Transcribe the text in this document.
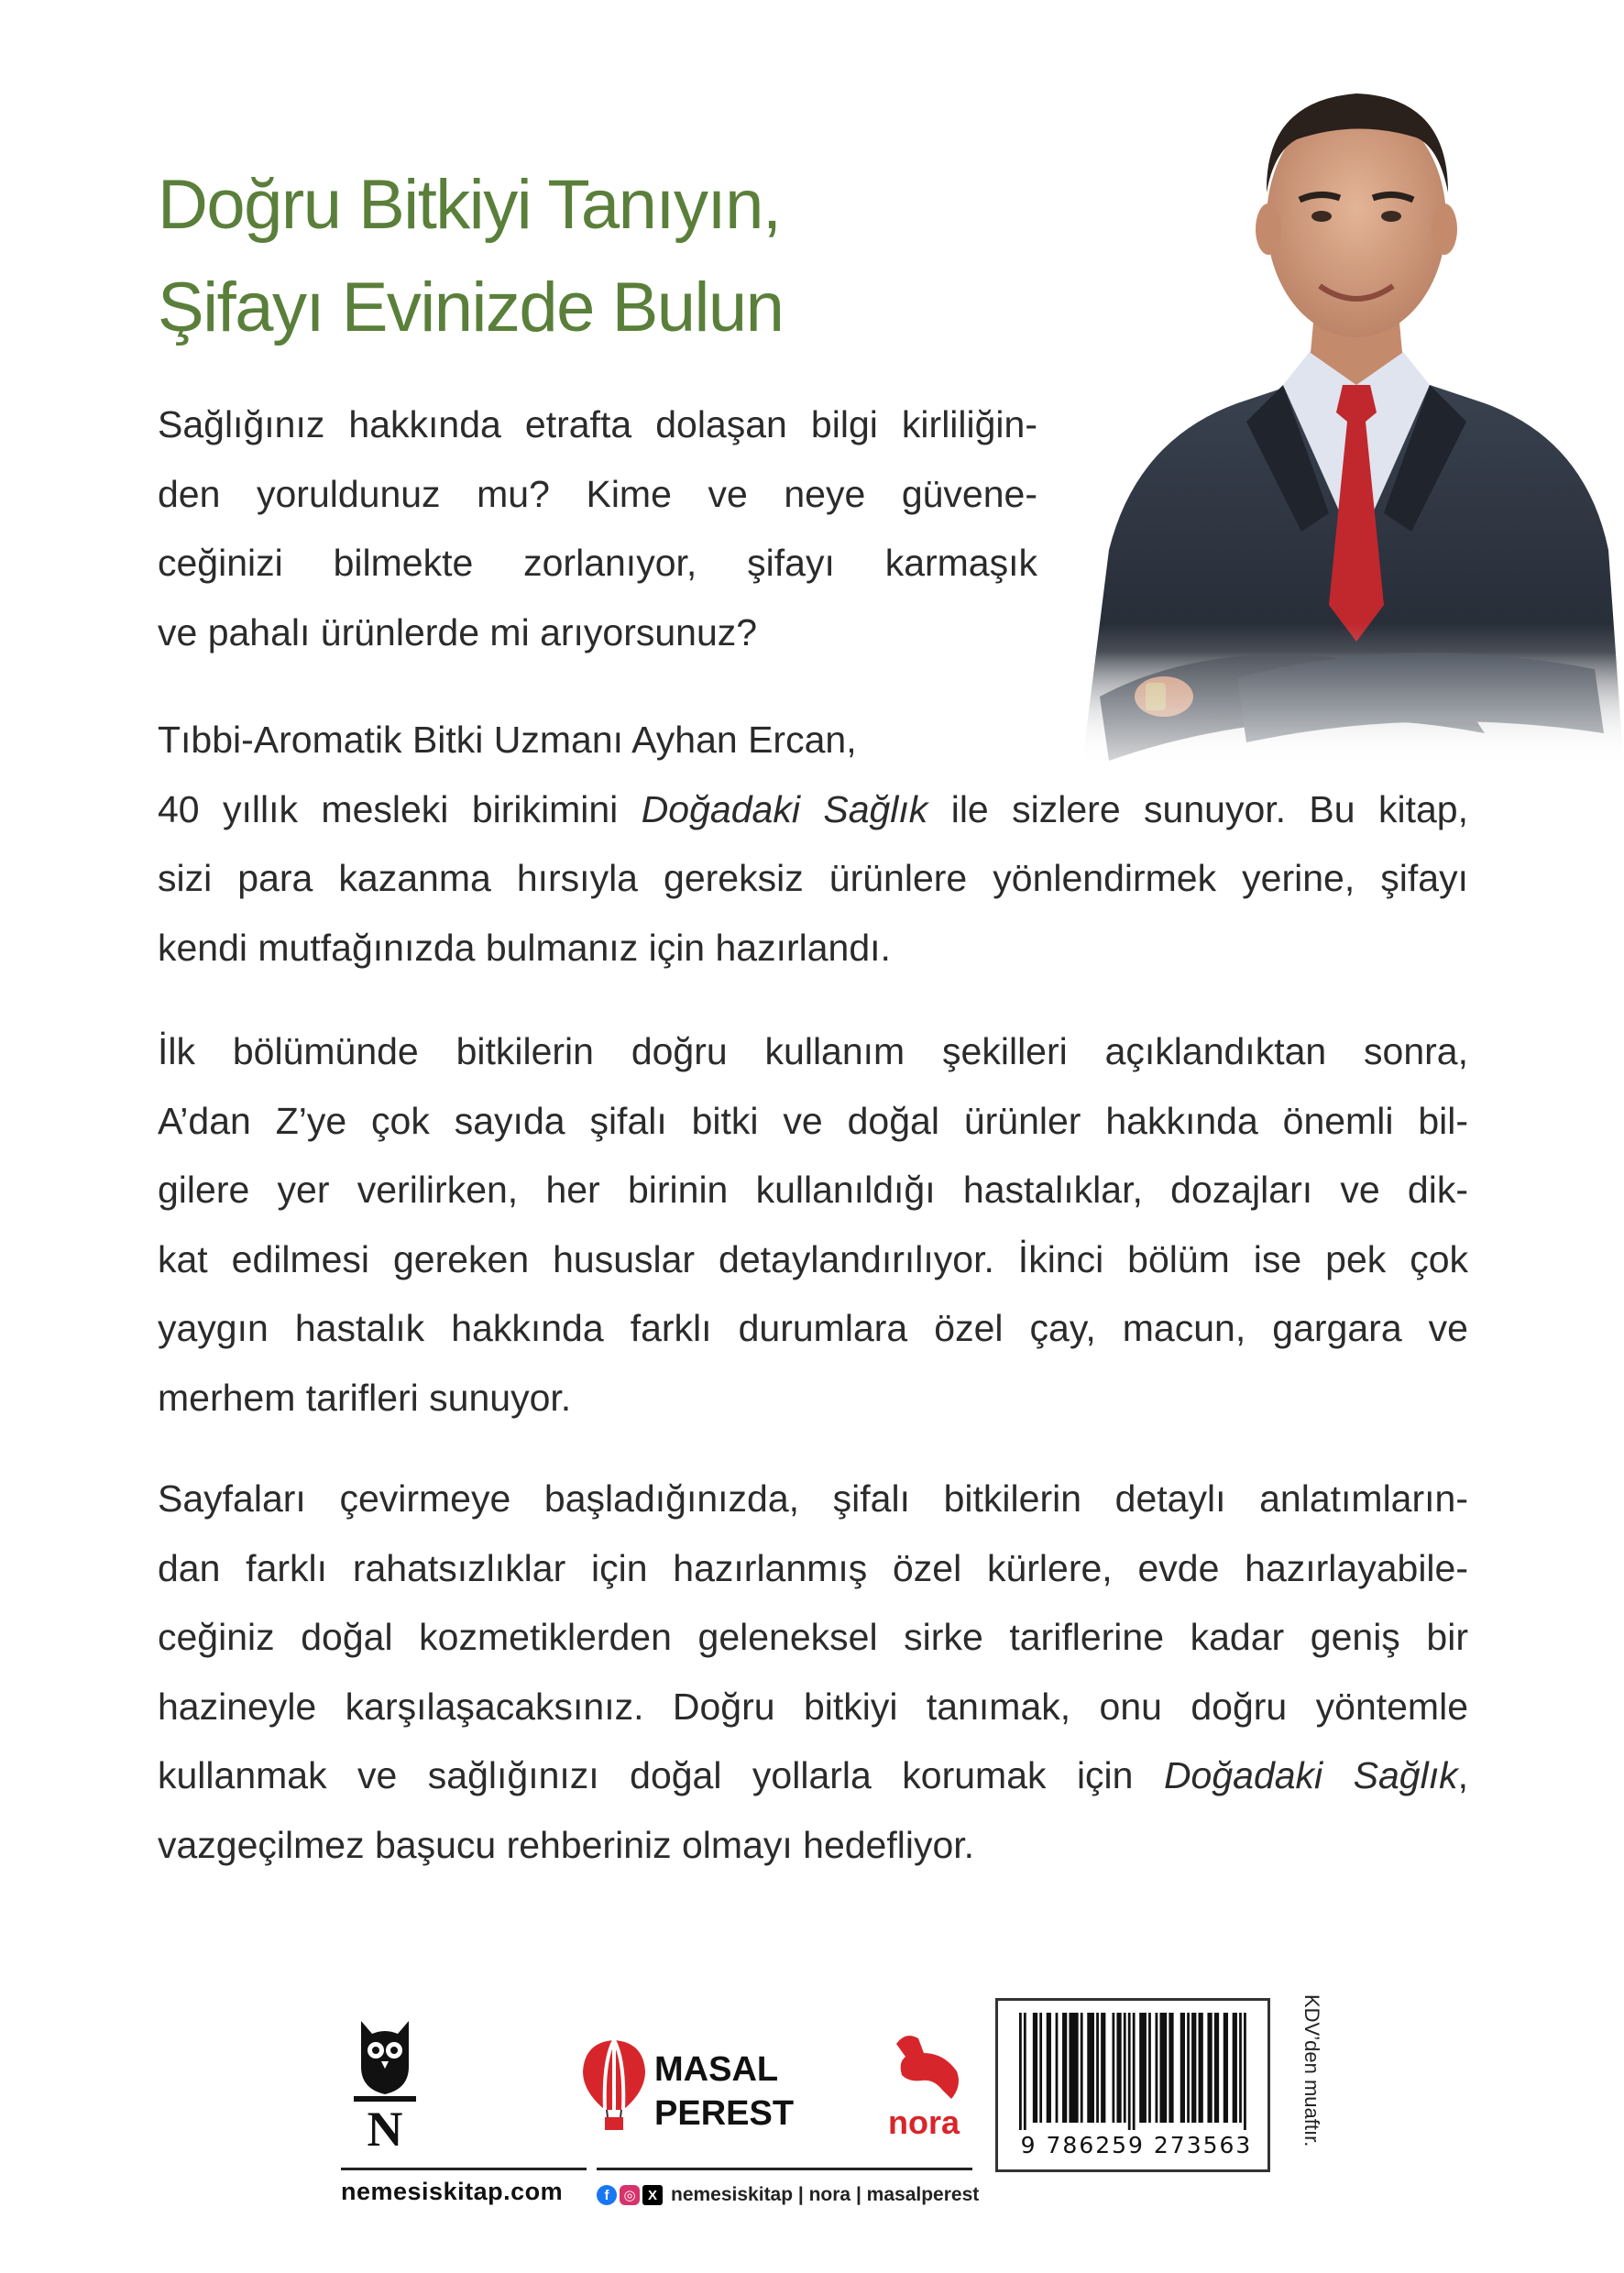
Doğru Bitkiyi Tanıyın,
Şifayı Evinizde Bulun
Sağlığınız hakkında etrafta dolaşan bilgi kirliliğin-
den yoruldunuz mu? Kime ve neye güvene-
ceğinizi bilmekte zorlanıyor, şifayı karmaşık
ve pahalı ürünlerde mi arıyorsunuz?
Tıbbi-Aromatik Bitki Uzmanı Ayhan Ercan,
40 yıllık mesleki birikimini Doğadaki Sağlık ile sizlere sunuyor. Bu kitap,
sizi para kazanma hırsıyla gereksiz ürünlere yönlendirmek yerine, şifayı
kendi mutfağınızda bulmanız için hazırlandı.
İlk bölümünde bitkilerin doğru kullanım şekilleri açıklandıktan sonra,
A’dan Z’ye çok sayıda şifalı bitki ve doğal ürünler hakkında önemli bil-
gilere yer verilirken, her birinin kullanıldığı hastalıklar, dozajları ve dik-
kat edilmesi gereken hususlar detaylandırılıyor. İkinci bölüm ise pek çok
yaygın hastalık hakkında farklı durumlara özel çay, macun, gargara ve
merhem tarifleri sunuyor.
Sayfaları çevirmeye başladığınızda, şifalı bitkilerin detaylı anlatımların-
dan farklı rahatsızlıklar için hazırlanmış özel kürlere, evde hazırlayabile-
ceğiniz doğal kozmetiklerden geleneksel sirke tariflerine kadar geniş bir
hazineyle karşılaşacaksınız. Doğru bitkiyi tanımak, onu doğru yöntemle
kullanmak ve sağlığınızı doğal yollarla korumak için Doğadaki Sağlık,
vazgeçilmez başucu rehberiniz olmayı hedefliyor.
N
MASAL
PEREST	nora
nemesiskitap.com	f	◎ X nemesiskitap | nora | masalperest
9 786259 273563 KDV’den muaftır.
